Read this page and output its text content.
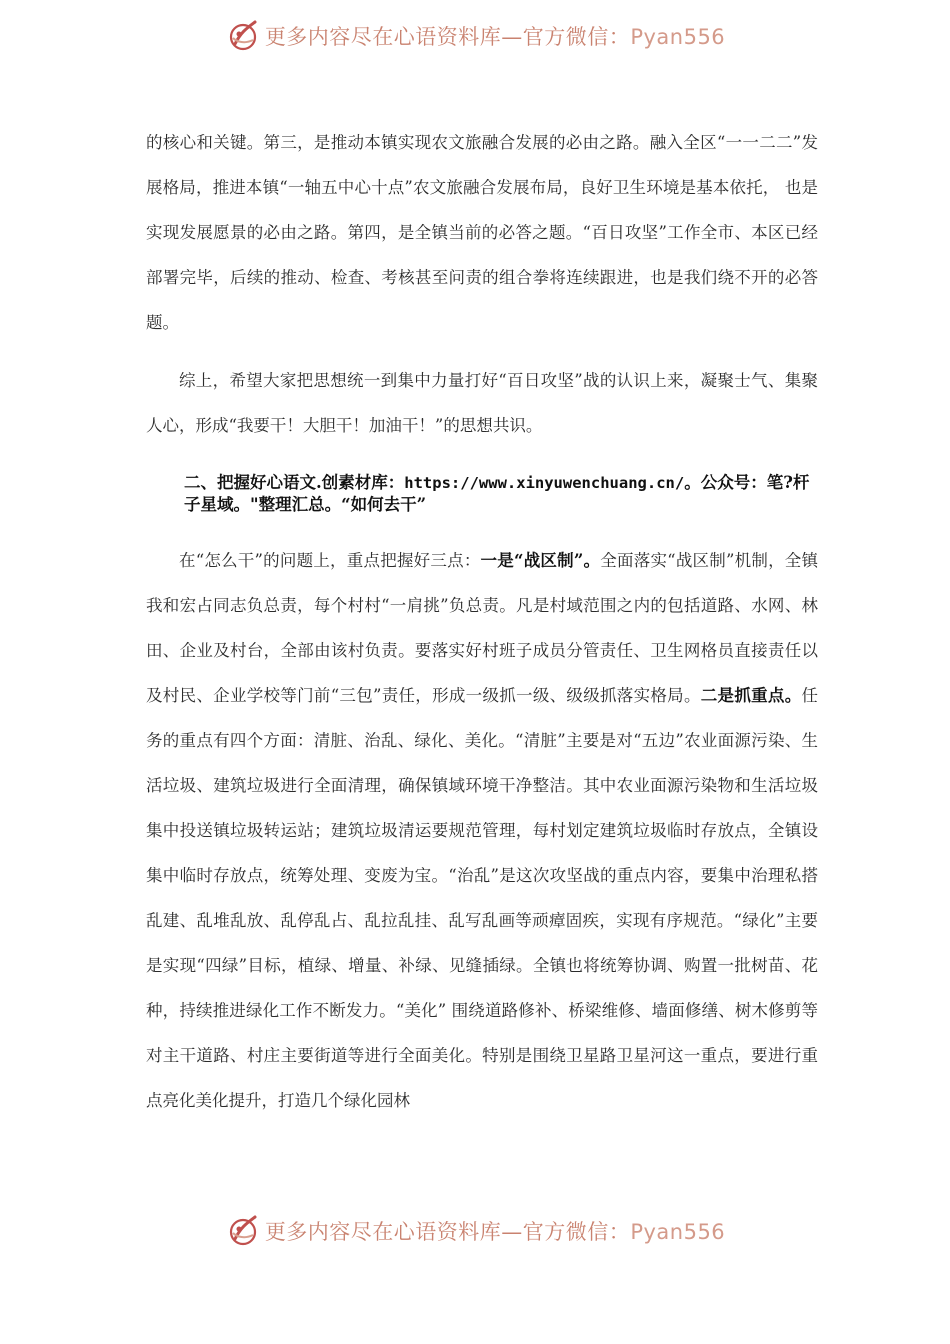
更多内容尽在心语资料库—官方微信：Pyan556

的核心和关键。第三，是推动本镇实现农文旅融合发展的必由之路。融入全区“一一二二”发展格局，推进本镇“一轴五中心十点”农文旅融合发展布局，良好卫生环境是基本依托， 也是实现发展愿景的必由之路。第四，是全镇当前的必答之题。“百日攻坚”工作全市、本区已经部署完毕，后续的推动、检查、考核甚至问责的组合拳将连续跟进，也是我们绕不开的必答题。

综上，希望大家把思想统一到集中力量打好“百日攻坚”战的认识上来，凝聚士气、集聚人心，形成“我要干！大胆干！加油干！”的思想共识。

二、把握好心语文.创素材库：https://www.xinyuwenchuang.cn/。公众号：笔?杆子星域。"整理汇总。“如何去干”

在“怎么干”的问题上，重点把握好三点：一是“战区制”。全面落实“战区制”机制，全镇我和宏占同志负总责，每个村村“一肩挑”负总责。凡是村域范围之内的包括道路、水网、林田、企业及村台，全部由该村负责。要落实好村班子成员分管责任、卫生网格员直接责任以及村民、企业学校等门前“三包”责任，形成一级抓一级、级级抓落实格局。二是抓重点。任务的重点有四个方面：清脏、治乱、绿化、美化。“清脏”主要是对“五边”农业面源污染、生活垃圾、建筑垃圾进行全面清理，确保镇域环境干净整洁。其中农业面源污染物和生活垃圾集中投送镇垃圾转运站；建筑垃圾清运要规范管理，每村划定建筑垃圾临时存放点，全镇设集中临时存放点，统筹处理、变废为宝。“治乱”是这次攻坚战的重点内容，要集中治理私搭乱建、乱堆乱放、乱停乱占、乱拉乱挂、乱写乱画等顽瘴固疾，实现有序规范。“绿化”主要是实现“四绿”目标，植绿、增量、补绿、见缝插绿。全镇也将统筹协调、购置一批树苗、花种，持续推进绿化工作不断发力。“美化” 围绕道路修补、桥梁维修、墙面修缮、树木修剪等对主干道路、村庄主要街道等进行全面美化。特别是围绕卫星路卫星河这一重点，要进行重点亮化美化提升，打造几个绿化园林

更多内容尽在心语资料库—官方微信：Pyan556
